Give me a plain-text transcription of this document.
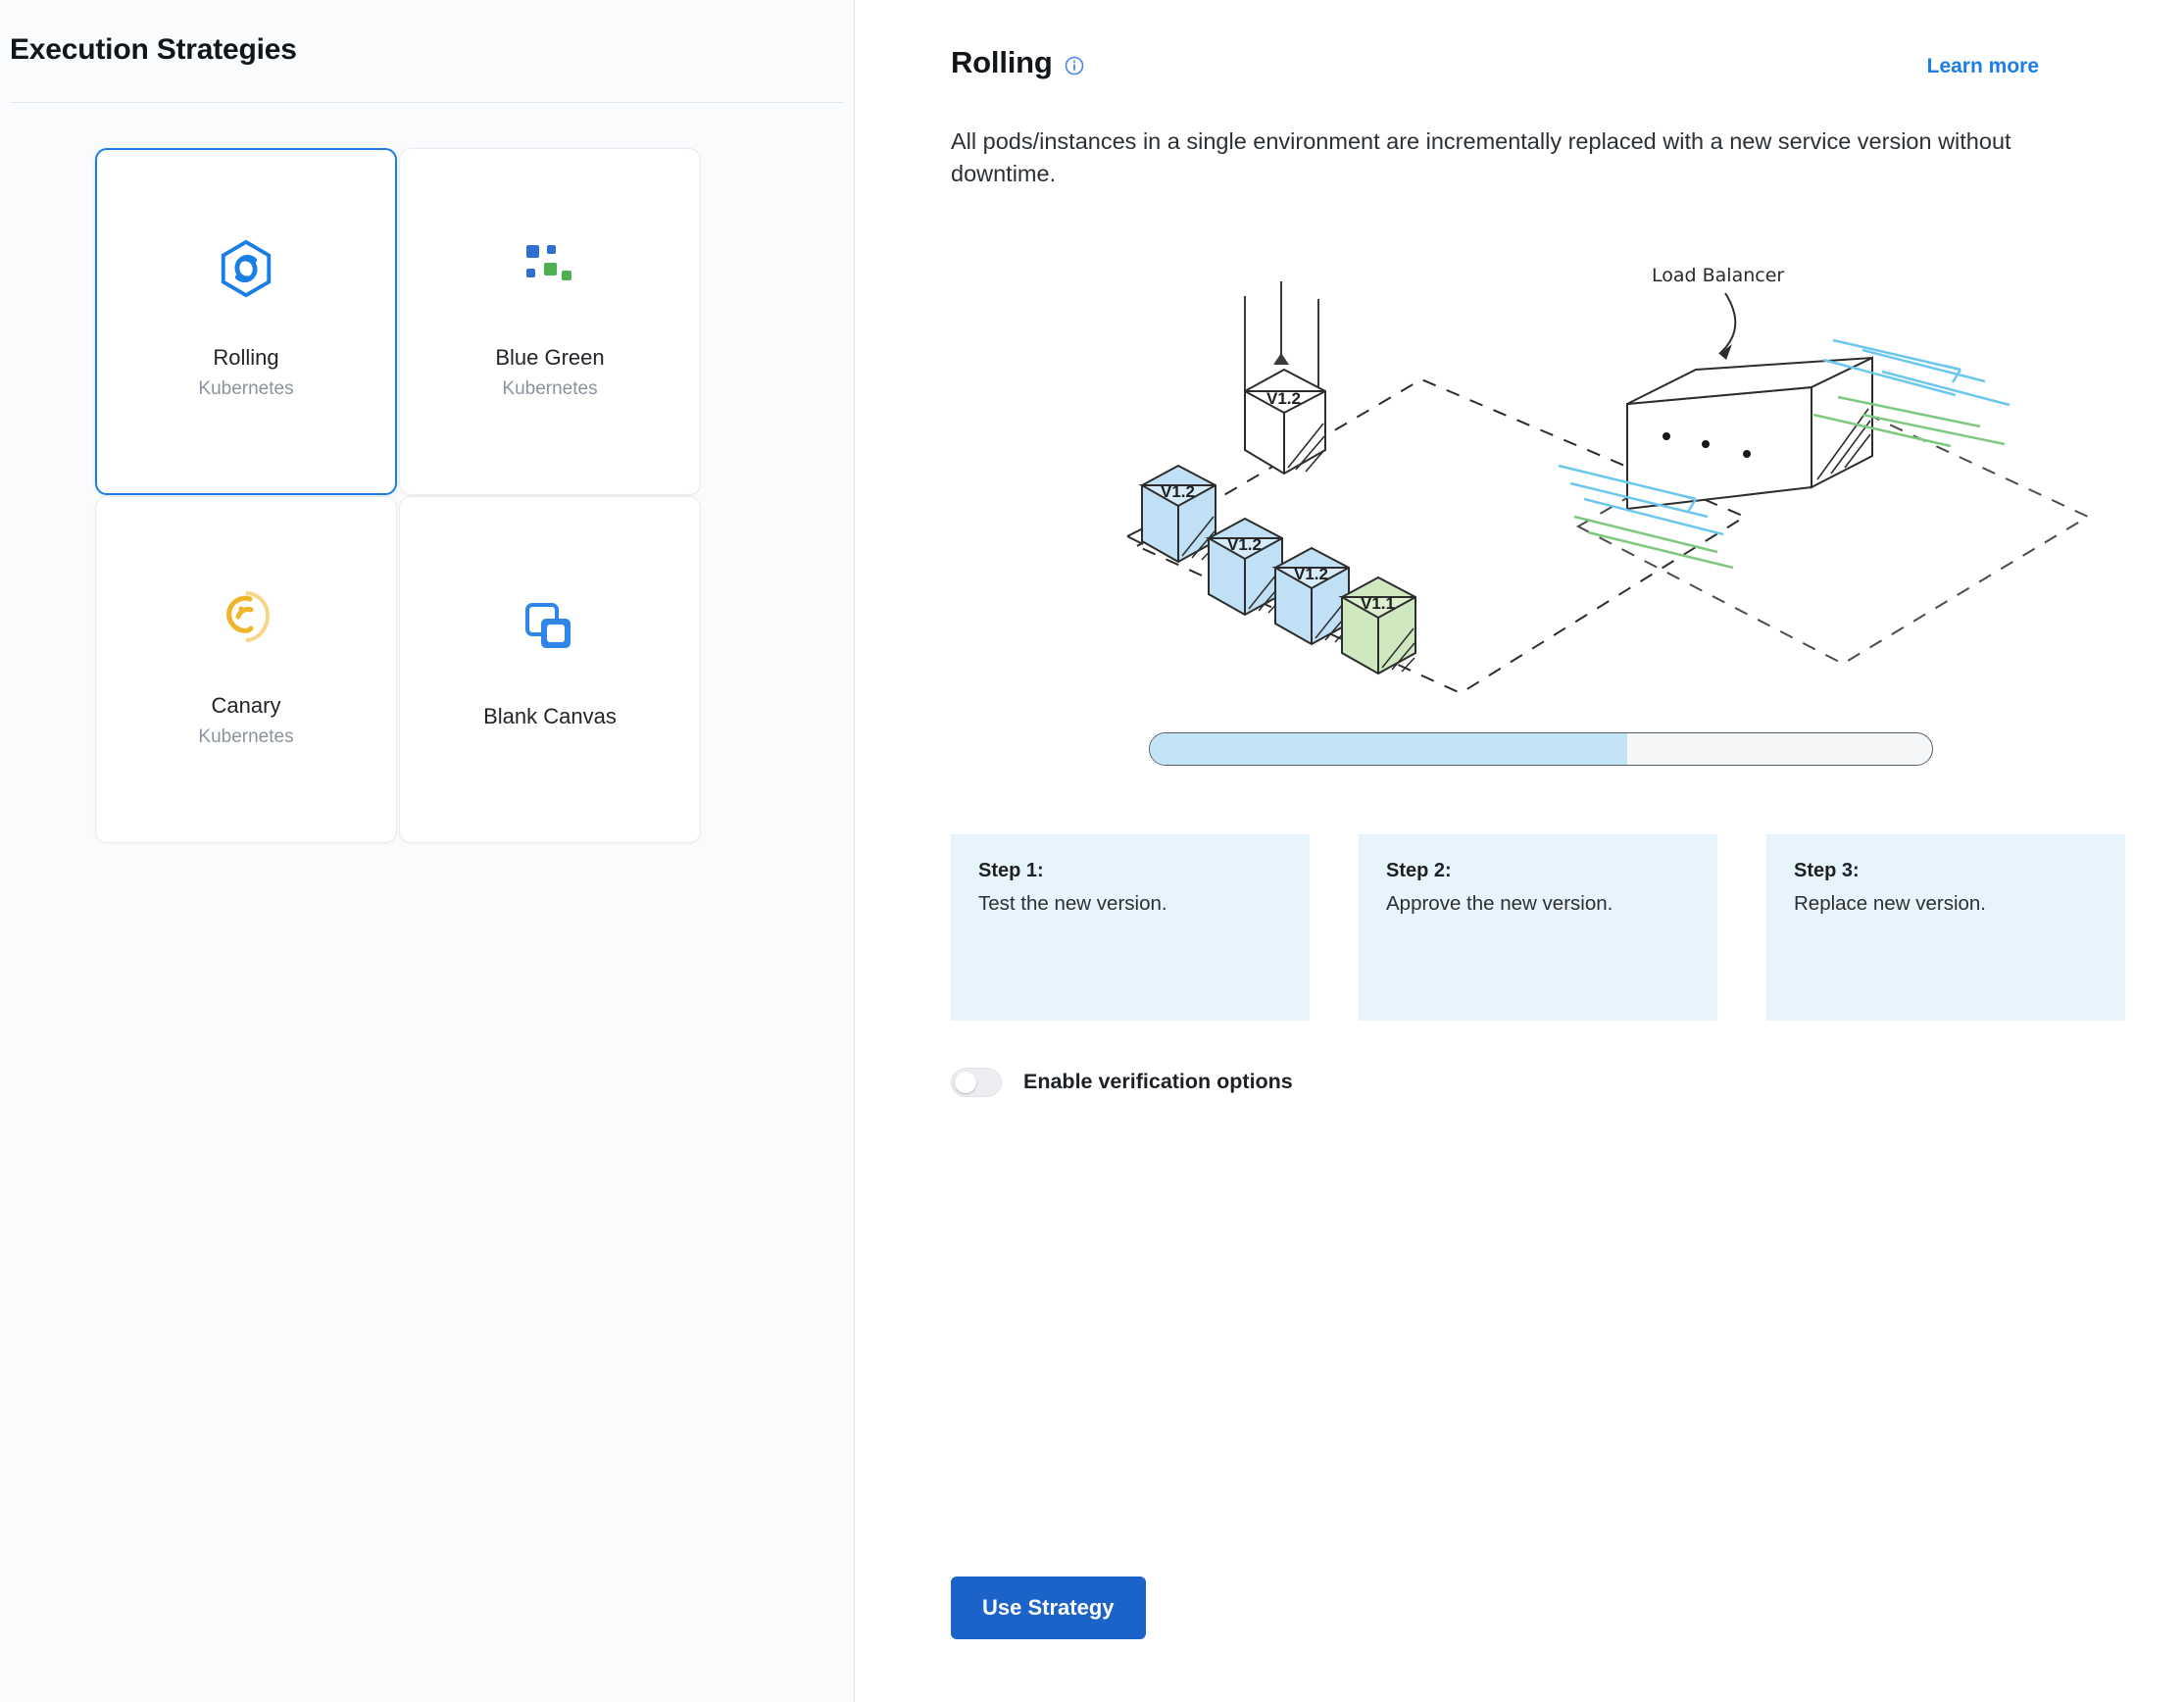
Execution Strategies
Rolling
Kubernetes
Blue Green
Kubernetes
Canary
Kubernetes
Blank Canvas
Rolling	Learn more
All pods/instances in a single environment are incrementally replaced with a new service version without downtime.
V1.2
V1.2
V1.2
V1.2
V1.1
Load Balancer
Step 1:
Test the new version.
Step 2:
Approve the new version.
Step 3:
Replace new version.
Enable verification options
Use Strategy
